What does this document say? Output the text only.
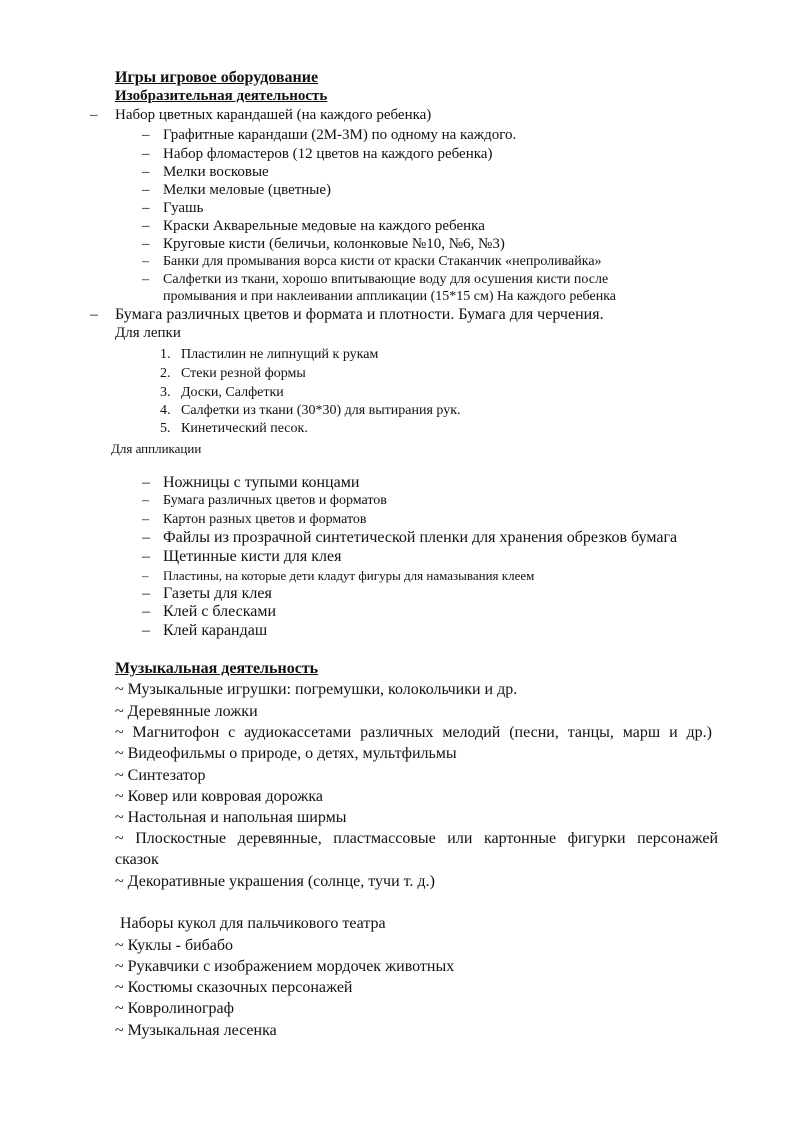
Игры игровое оборудование
Изобразительная деятельность
– Набор цветных карандашей (на каждого ребенка)
– Графитные карандаши (2М-3М) по одному на каждого.
– Набор фломастеров (12 цветов на каждого ребенка)
– Мелки восковые
– Мелки меловые (цветные)
– Гуашь
– Краски Акварельные медовые на каждого ребенка
– Круговые кисти (беличьи, колонковые №10, №6, №3)
– Банки для промывания ворса кисти от краски Стаканчик «непроливайка»
– Салфетки из ткани, хорошо впитывающие воду для осушения кисти после
промывания и при наклеивании аппликации (15*15 см) На каждого ребенка
– Бумага различных цветов и формата и плотности. Бумага для черчения.
Для лепки
1. Пластилин не липнущий к рукам
2. Стеки резной формы
3. Доски, Салфетки
4. Салфетки из ткани (30*30) для вытирания рук.
5. Кинетический песок.
Для аппликации
– Ножницы с тупыми концами
– Бумага различных цветов и форматов
– Картон разных цветов и форматов
– Файлы из прозрачной синтетической пленки для хранения обрезков бумага
– Щетинные кисти для клея
– Пластины, на которые дети кладут фигуры для намазывания клеем
– Газеты для клея
– Клей с блесками
– Клей карандаш
Музыкальная деятельность
~ Музыкальные игрушки: погремушки, колокольчики и др.
~ Деревянные ложки
~ Магнитофон с аудиокассетами различных мелодий (песни, танцы, марш и др.)
~ Видеофильмы о природе, о детях, мультфильмы
~ Синтезатор
~ Ковер или ковровая дорожка
~ Настольная и напольная ширмы
~ Плоскостные деревянные, пластмассовые или картонные фигурки персонажей
сказок
~ Декоративные украшения (солнце, тучи т. д.)
Наборы кукол для пальчикового театра
~ Куклы - бибабо
~ Рукавчики с изображением мордочек животных
~ Костюмы сказочных персонажей
~ Ковролинограф
~ Музыкальная лесенка
